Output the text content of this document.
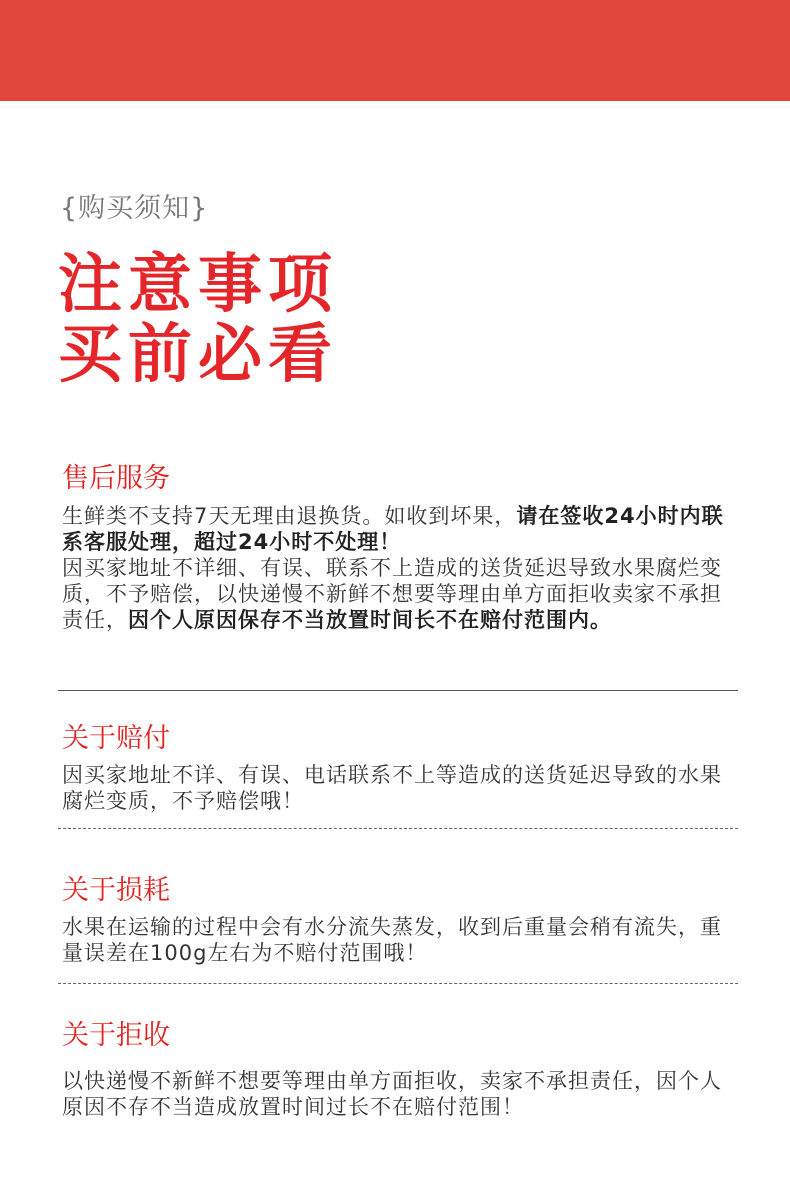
{购买须知}
注意事项
买前必看
售后服务
生鲜类不支持7天无理由退换货。如收到坏果，请在签收24小时内联系客服处理，超过24小时不处理！
因买家地址不详细、有误、联系不上造成的送货延迟导致水果腐烂变质，不予赔偿，以快递慢不新鲜不想要等理由单方面拒收卖家不承担责任，因个人原因保存不当放置时间长不在赔付范围内。
关于赔付
因买家地址不详、有误、电话联系不上等造成的送货延迟导致的水果腐烂变质，不予赔偿哦！
关于损耗
水果在运输的过程中会有水分流失蒸发，收到后重量会稍有流失，重量误差在100g左右为不赔付范围哦！
关于拒收
以快递慢不新鲜不想要等理由单方面拒收，卖家不承担责任，因个人原因不存不当造成放置时间过长不在赔付范围！
